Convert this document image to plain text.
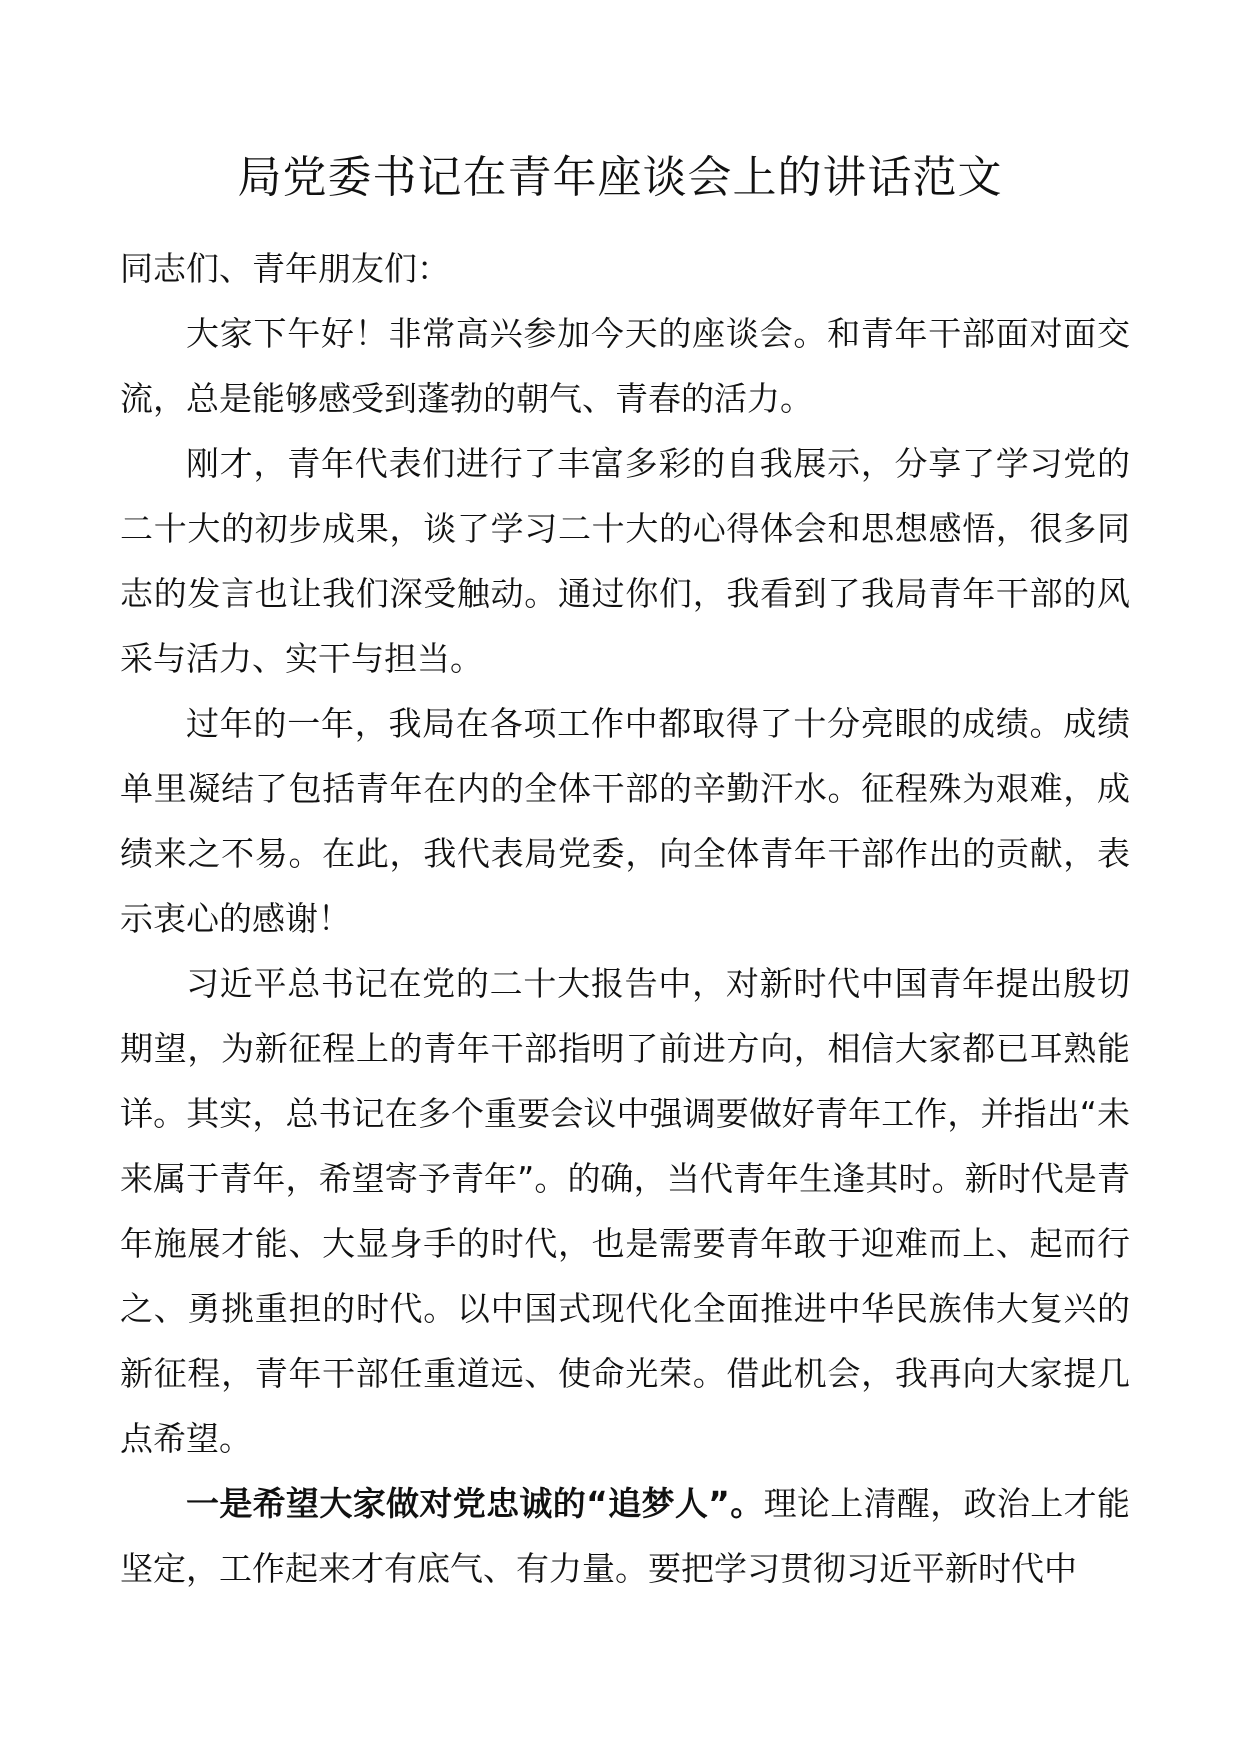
局党委书记在青年座谈会上的讲话范文

同志们、青年朋友们：

大家下午好！非常高兴参加今天的座谈会。和青年干部面对面交流，总是能够感受到蓬勃的朝气、青春的活力。

刚才，青年代表们进行了丰富多彩的自我展示，分享了学习党的二十大的初步成果，谈了学习二十大的心得体会和思想感悟，很多同志的发言也让我们深受触动。通过你们，我看到了我局青年干部的风采与活力、实干与担当。

过年的一年，我局在各项工作中都取得了十分亮眼的成绩。成绩单里凝结了包括青年在内的全体干部的辛勤汗水。征程殊为艰难，成绩来之不易。在此，我代表局党委，向全体青年干部作出的贡献，表示衷心的感谢！

习近平总书记在党的二十大报告中，对新时代中国青年提出殷切期望，为新征程上的青年干部指明了前进方向，相信大家都已耳熟能详。其实，总书记在多个重要会议中强调要做好青年工作，并指出“未来属于青年，希望寄予青年”。的确，当代青年生逢其时。新时代是青年施展才能、大显身手的时代，也是需要青年敢于迎难而上、起而行之、勇挑重担的时代。以中国式现代化全面推进中华民族伟大复兴的新征程，青年干部任重道远、使命光荣。借此机会，我再向大家提几点希望。

一是希望大家做对党忠诚的“追梦人”。理论上清醒，政治上才能坚定，工作起来才有底气、有力量。要把学习贯彻习近平新时代中
